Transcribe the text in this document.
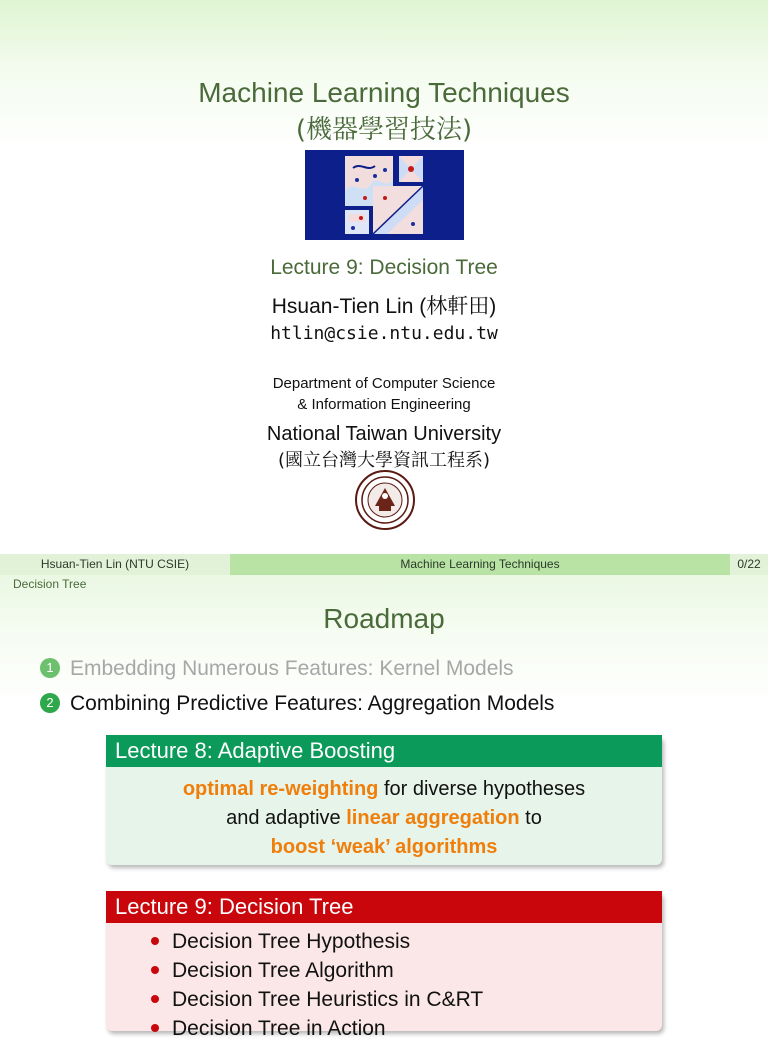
Machine Learning Techniques
(機器學習技法)
Lecture 9: Decision Tree
Hsuan-Tien Lin (林軒田)
htlin@csie.ntu.edu.tw
Department of Computer Science
& Information Engineering
National Taiwan University
(國立台灣大學資訊工程系)
Hsuan-Tien Lin (NTU CSIE)	Machine Learning Techniques	0/22
Decision Tree
Roadmap
1 Embedding Numerous Features: Kernel Models
2 Combining Predictive Features: Aggregation Models
Lecture 8: Adaptive Boosting
optimal re-weighting for diverse hypotheses
and adaptive linear aggregation to
boost ‘weak’ algorithms
Lecture 9: Decision Tree
Decision Tree Hypothesis
Decision Tree Algorithm
Decision Tree Heuristics in C&RT
Decision Tree in Action
